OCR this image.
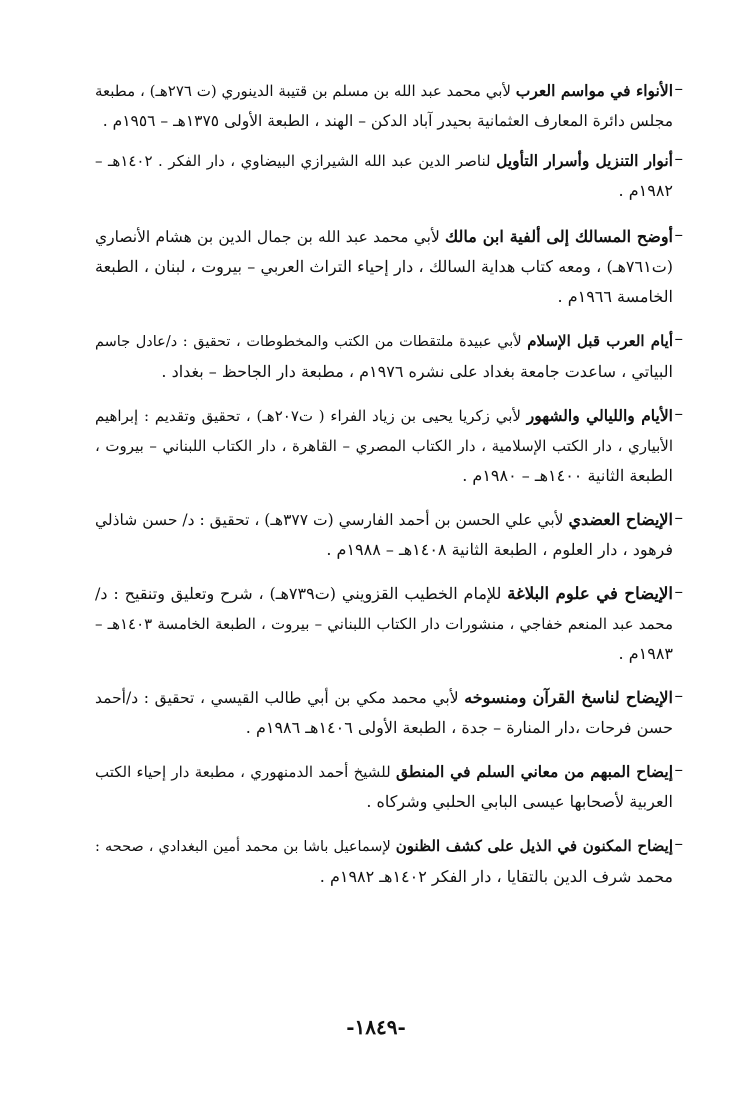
–
الأنواء في مواسم العرب لأبي محمد عبد الله بن مسلم بن قتيبة الدينوري (ت ٢٧٦هـ) ، مطبعة
مجلس دائرة المعارف العثمانية بحيدر آباد الدكن – الهند ، الطبعة الأولى ١٣٧٥هـ – ١٩٥٦م .
–
أنوار التنزيل وأسرار التأويل لناصر الدين عبد الله الشيرازي البيضاوي ، دار الفكر . ١٤٠٢هـ –
١٩٨٢م .
–
أوضح المسالك إلى ألفية ابن مالك لأبي محمد عبد الله بن جمال الدين بن هشام الأنصاري
(ت٧٦١هـ) ، ومعه كتاب هداية السالك ، دار إحياء التراث العربي – بيروت ، لبنان ، الطبعة
الخامسة ١٩٦٦م .
–
أيام العرب قبل الإسلام لأبي عبيدة ملتقطات من الكتب والمخطوطات ، تحقيق : د/عادل جاسم
البياتي ، ساعدت جامعة بغداد على نشره ١٩٧٦م ، مطبعة دار الجاحظ – بغداد .
–
الأيام والليالي والشهور لأبي زكريا يحيى بن زياد الفراء ( ت٢٠٧هـ) ، تحقيق وتقديم : إبراهيم
الأبياري ، دار الكتب الإسلامية ، دار الكتاب المصري – القاهرة ، دار الكتاب اللبناني – بيروت ،
الطبعة الثانية ١٤٠٠هـ – ١٩٨٠م .
–
الإيضاح العضدي لأبي علي الحسن بن أحمد الفارسي (ت ٣٧٧هـ) ، تحقيق : د/ حسن شاذلي
فرهود ، دار العلوم ، الطبعة الثانية ١٤٠٨هـ – ١٩٨٨م .
–
الإيضاح في علوم البلاغة للإمام الخطيب القزويني (ت٧٣٩هـ) ، شرح وتعليق وتنقيح : د/
محمد عبد المنعم خفاجي ، منشورات دار الكتاب اللبناني – بيروت ، الطبعة الخامسة ١٤٠٣هـ –
١٩٨٣م .
–
الإيضاح لناسخ القرآن ومنسوخه لأبي محمد مكي بن أبي طالب القيسي ، تحقيق : د/أحمد
حسن فرحات ،دار المنارة – جدة ، الطبعة الأولى ١٤٠٦هـ ١٩٨٦م .
–
إيضاح المبهم من معاني السلم في المنطق للشيخ أحمد الدمنهوري ، مطبعة دار إحياء الكتب
العربية لأصحابها عيسى البابي الحلبي وشركاه .
–
إيضاح المكنون في الذيل على كشف الظنون لإسماعيل باشا بن محمد أمين البغدادي ، صححه :
محمد شرف الدين بالتقايا ، دار الفكر ١٤٠٢هـ ١٩٨٢م .
-١٨٤٩-
